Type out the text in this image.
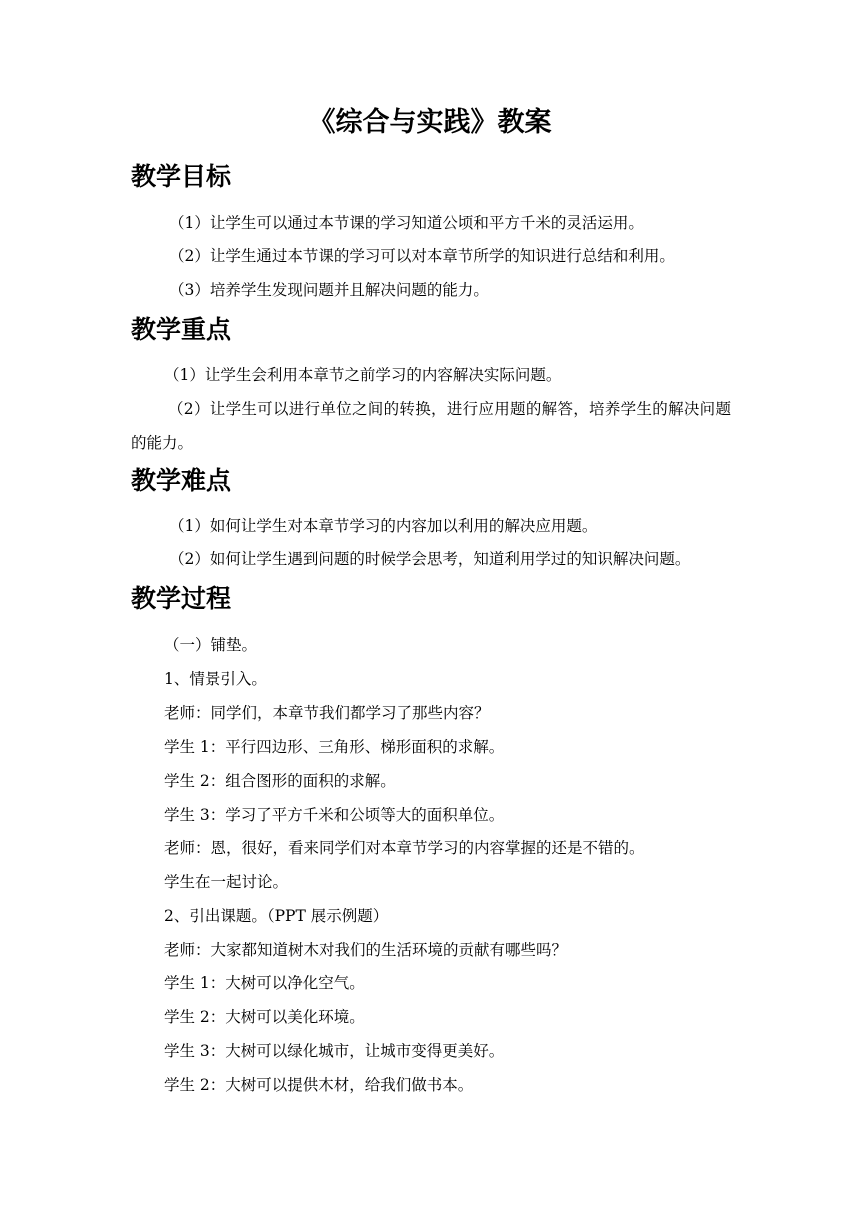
《综合与实践》教案
教学目标
（1）让学生可以通过本节课的学习知道公顷和平方千米的灵活运用。
（2）让学生通过本节课的学习可以对本章节所学的知识进行总结和利用。
（3）培养学生发现问题并且解决问题的能力。
教学重点
（1）让学生会利用本章节之前学习的内容解决实际问题。
（2）让学生可以进行单位之间的转换，进行应用题的解答，培养学生的解决问题的能力。
教学难点
（1）如何让学生对本章节学习的内容加以利用的解决应用题。
（2）如何让学生遇到问题的时候学会思考，知道利用学过的知识解决问题。
教学过程
（一）铺垫。
1、情景引入。
老师：同学们，本章节我们都学习了那些内容？
学生 1：平行四边形、三角形、梯形面积的求解。
学生 2：组合图形的面积的求解。
学生 3：学习了平方千米和公顷等大的面积单位。
老师：恩，很好，看来同学们对本章节学习的内容掌握的还是不错的。
学生在一起讨论。
2、引出课题。（PPT 展示例题）
老师：大家都知道树木对我们的生活环境的贡献有哪些吗？
学生 1：大树可以净化空气。
学生 2：大树可以美化环境。
学生 3：大树可以绿化城市，让城市变得更美好。
学生 2：大树可以提供木材，给我们做书本。
